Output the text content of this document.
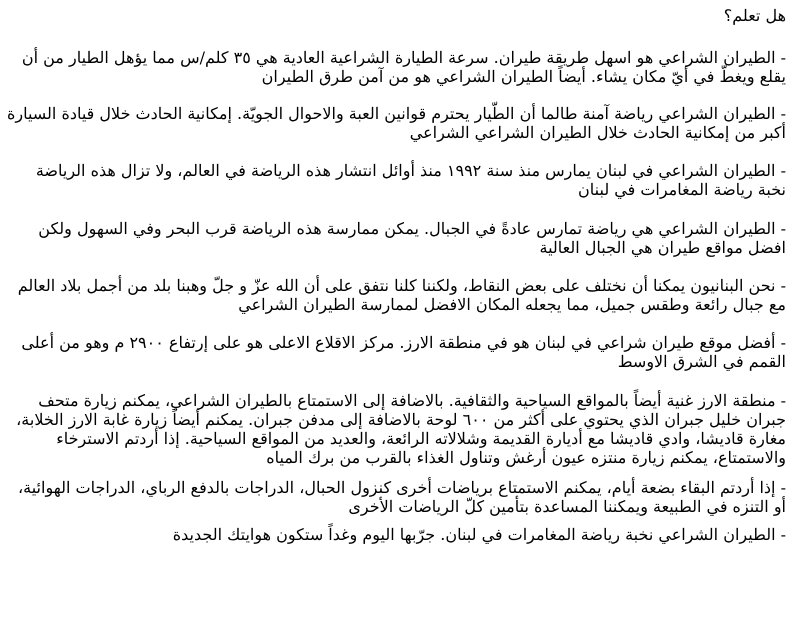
هل تعلم؟

- الطيران الشراعي هو اسهل طريقة طيران. سرعة الطيارة الشراعية العادية هي ٣٥ كلم/س مما يؤهل الطيار من أن يقلع ويغطّ في أيّ مكان يشاء. أيضاً الطيران الشراعي هو من آمن طرق الطيران

- الطيران الشراعي رياضة آمنة طالما أن الطّيار يحترم قوانين العبة والاحوال الجويّة. إمكانية الحادث خلال قيادة السيارة أكبر من إمكانية الحادث خلال الطيران الشراعي الشراعي

- الطيران الشراعي في لبنان يمارس منذ سنة ١٩٩٢ منذ أوائل انتشار هذه الرياضة في العالم، ولا تزال هذه الرياضة نخبة رياضة المغامرات في لبنان

- الطيران الشراعي هي رياضة تمارس عادةً في الجبال. يمكن ممارسة هذه الرياضة قرب البحر وفي السهول ولكن افضل مواقع طيران هي الجبال العالية

- نحن البنانيون يمكنا أن نختلف على بعض النقاط، ولكننا كلنا نتفق على أن الله عزّ و جلّ وهبنا بلد من أجمل بلاد العالم مع جبال رائعة وطقس جميل، مما يجعله المكان الافضل لممارسة الطيران الشراعي

- أفضل موقع طيران شراعي في لبنان هو في منطقة الارز. مركز الاقلاع الاعلى هو على إرتفاع ٢٩٠٠ م وهو من أعلى القمم في الشرق الاوسط

- منطقة الارز غنية أيضاً بالمواقع السياحية والثقافية. بالاضافة إلى الاستمتاع بالطيران الشراعي، يمكنم زيارة متحف جبران خليل جبران الذي يحتوي على أكثر من ٦٠٠ لوحة بالاضافة إلى مدفن جبران. يمكنم أيضاً زيارة غابة الارز الخلابة، مغارة قاديشا، وادي قاديشا مع أديارة القديمة وشلالاته الرائعة، والعديد من المواقع السياحية. إذا أردتم الاسترخاء والاستمتاع، يمكنم زيارة منتزه عيون أرغش وتناول الغذاء بالقرب من برك المياه

- إذا أردتم البقاء بضعة أيام، يمكنم الاستمتاع برياضات أخرى كنزول الحبال، الدراجات بالدفع الرباي، الدراجات الهوائية، أو التنزه في الطبيعة ويمكننا المساعدة بتأمين كلّ الرياضات الأخرى

- الطيران الشراعي نخبة رياضة المغامرات في لبنان. جرّبها اليوم وغداً ستكون هوايتك الجديدة
